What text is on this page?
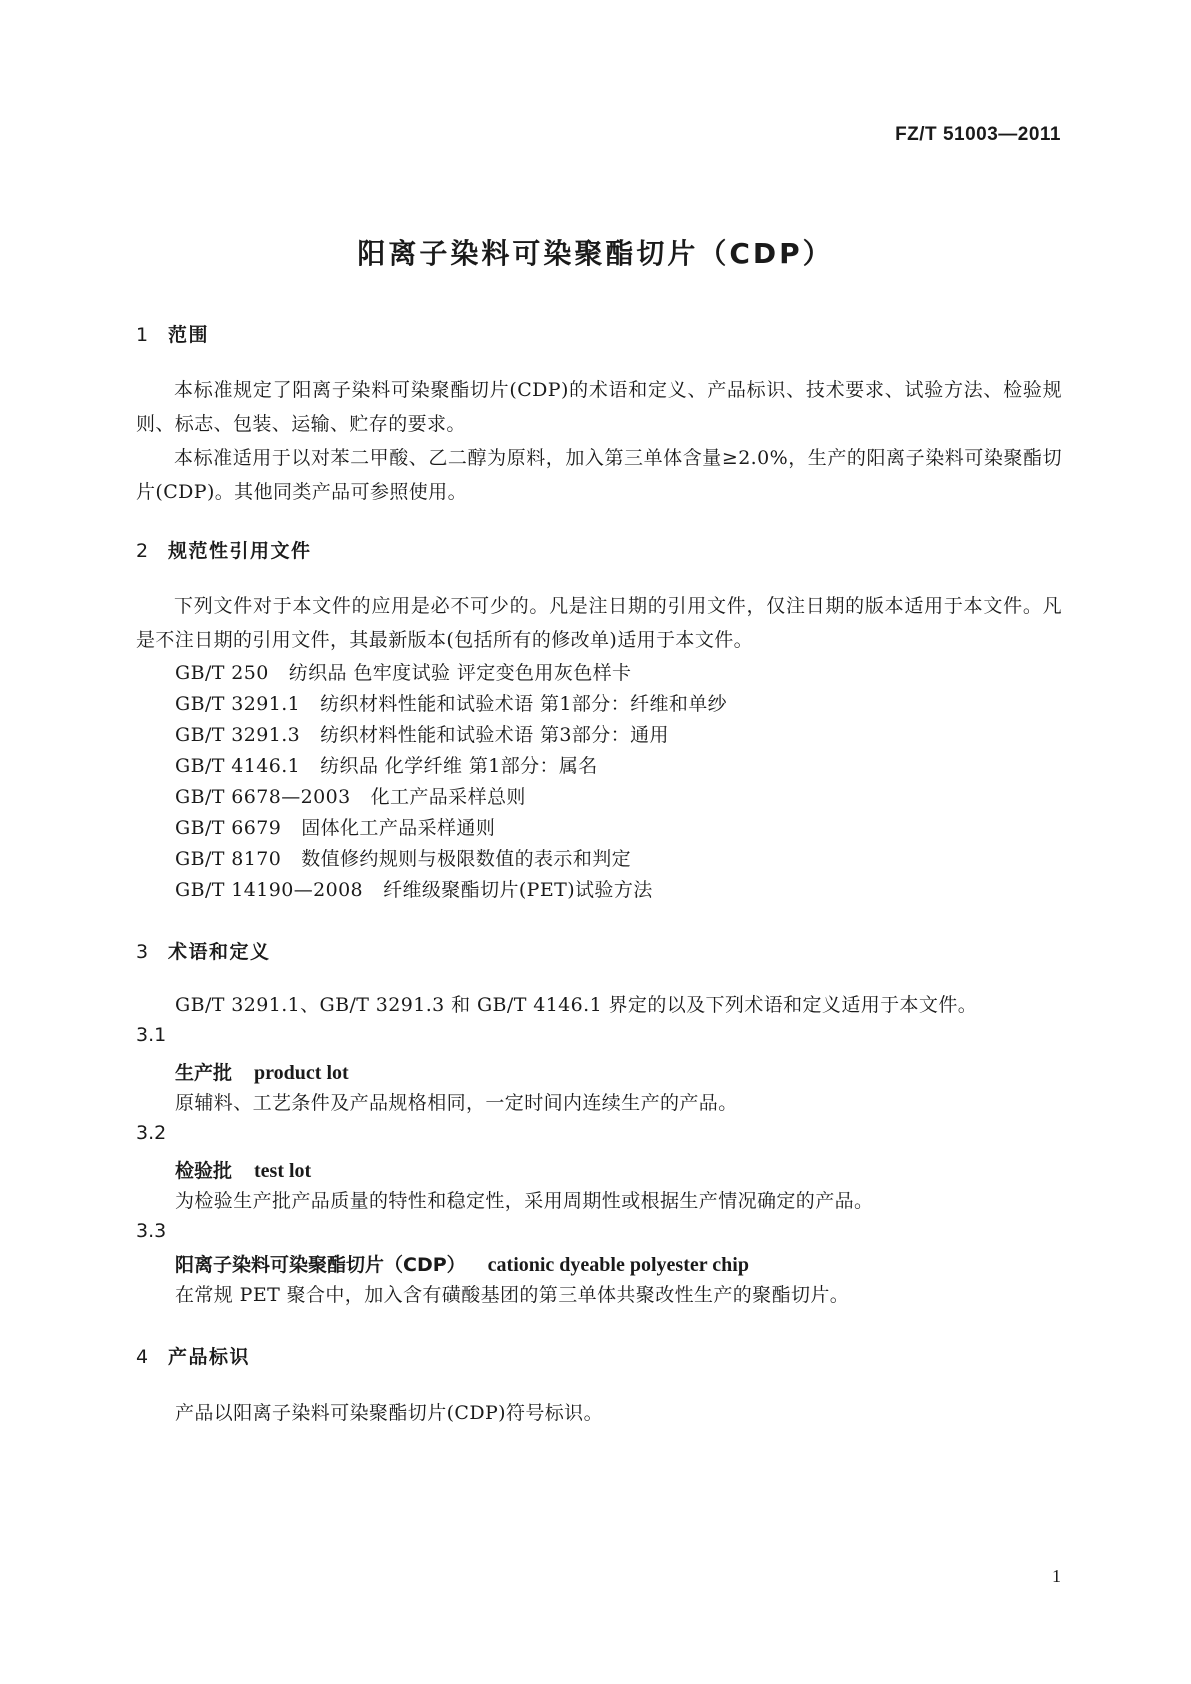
FZ/T 51003—2011
阳离子染料可染聚酯切片（CDP）
1 范围
本标准规定了阳离子染料可染聚酯切片(CDP)的术语和定义、产品标识、技术要求、试验方法、检验规则、标志、包装、运输、贮存的要求。
本标准适用于以对苯二甲酸、乙二醇为原料，加入第三单体含量≥2.0%，生产的阳离子染料可染聚酯切片(CDP)。其他同类产品可参照使用。
2 规范性引用文件
下列文件对于本文件的应用是必不可少的。凡是注日期的引用文件，仅注日期的版本适用于本文件。凡是不注日期的引用文件，其最新版本(包括所有的修改单)适用于本文件。
GB/T 250 纺织品 色牢度试验 评定变色用灰色样卡
GB/T 3291.1 纺织材料性能和试验术语 第1部分：纤维和单纱
GB/T 3291.3 纺织材料性能和试验术语 第3部分：通用
GB/T 4146.1 纺织品 化学纤维 第1部分：属名
GB/T 6678—2003 化工产品采样总则
GB/T 6679 固体化工产品采样通则
GB/T 8170 数值修约规则与极限数值的表示和判定
GB/T 14190—2008 纤维级聚酯切片(PET)试验方法
3 术语和定义
GB/T 3291.1、GB/T 3291.3 和 GB/T 4146.1 界定的以及下列术语和定义适用于本文件。
3.1
生产批 product lot
原辅料、工艺条件及产品规格相同，一定时间内连续生产的产品。
3.2
检验批 test lot
为检验生产批产品质量的特性和稳定性，采用周期性或根据生产情况确定的产品。
3.3
阳离子染料可染聚酯切片（CDP） cationic dyeable polyester chip
在常规 PET 聚合中，加入含有磺酸基团的第三单体共聚改性生产的聚酯切片。
4 产品标识
产品以阳离子染料可染聚酯切片(CDP)符号标识。
1
